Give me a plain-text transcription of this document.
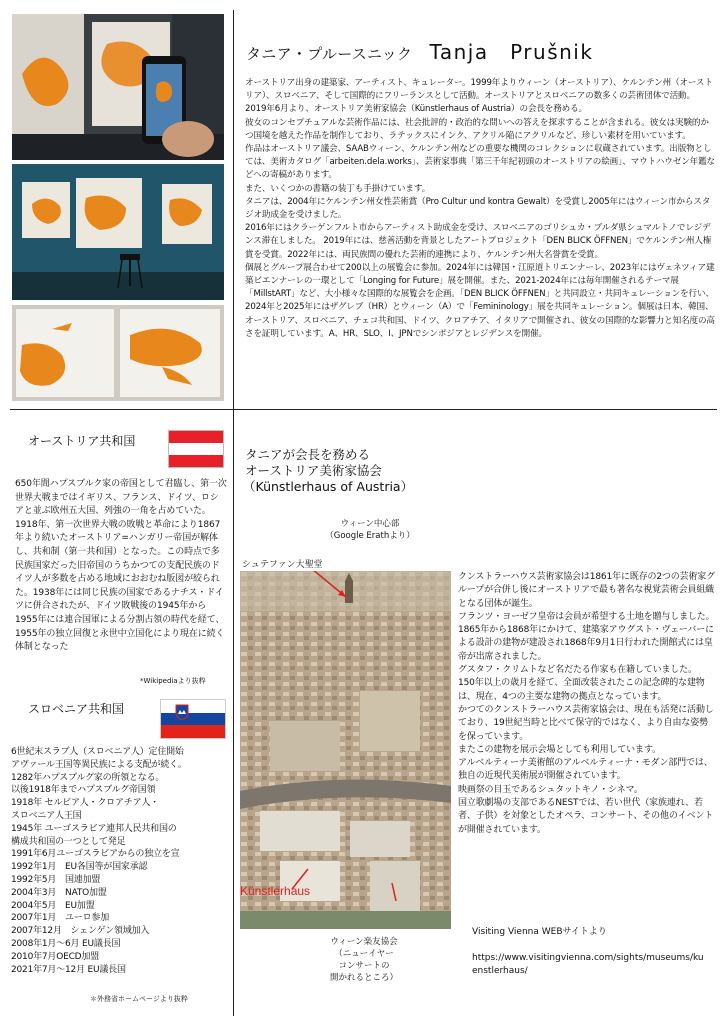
タニア・プルースニック Tanja　Prušnik

オーストリア出身の建築家、アーティスト、キュレーター。1999年よりウィーン（オーストリア）、ケルンテン州（オーストリア）、スロベニア、そして国際的にフリーランスとして活動。オーストリアとスロベニアの数多くの芸術団体で活動。2019年6月より、オーストリア美術家協会（Künstlerhaus of Austria）の会長を務める。

彼女のコンセプチュアルな芸術作品には、社会批評的・政治的な問いへの答えを探求することが含まれる。彼女は実験的かつ国境を越えた作品を制作しており、ラテックスにインク、アクリル陥にアクリルなど、珍しい素材を用いています。

作品はオーストリア議会、SAABウィーン、ケルンテン州などの重要な機関のコレクションに収蔵されています。出版物としては、美術カタログ「arbeiten.dela.works」、芸術家事典「第三千年紀初頭のオーストリアの絵画」、マウトハウゼン年鑑などへの寄稿があります。

また、いくつかの書籍の装丁も手掛けています。

タニアは、2004年にケルンテン州女性芸術賞（Pro Cultur und kontra Gewalt）を受賞し2005年にはウィーン市からスタジオ助成金を受けました。

2016年にはクラーゲンフルト市からアーティスト助成金を受け、スロベニアのゴリシュカ・ブルダ県シュマルトノでレジデンス滞在しました。 2019年には、慈善活動を背景としたアートプロジェクト「DEN BLICK ÖFFNEN」でケルンテン州人権賞を受賞。2022年には、両民族間の優れた芸術的連携により、ケルンテン州大名誉賞を受賞。

個展とグループ展合わせて200以上の展覧会に参加。2024年には韓国・江原道トリエンナーレ、2023年にはヴェネツィア建築ビエンナーレの一環として「Longing for Future」展を開催。また、2021-2024年には毎年開催されるテーマ展「MillstART」など、大小様々な国際的な展覧会を企画。「DEN BLICK ÖFFNEN」と共同設立・共同キュレーションを行い、2024年と2025年にはザグレブ（HR）とウィーン（A）で「Femininology」展を共同キュレーション。個展は日本、韓国、オーストリア、スロベニア、チェコ共和国、ドイツ、クロアチア、イタリアで開催され、彼女の国際的な影響力と知名度の高さを証明しています。A、HR、SLO、I、JPNでシンポジアとレジデンスを開催。

オーストリア共和国

650年間ハプスブルク家の帝国として君臨し、第一次世界大戦まではイギリス、フランス、ドイツ、ロシアと並ぶ欧州五大国、列強の一角を占めていた。1918年、第一次世界大戦の敗戦と革命により1867年より続いたオーストリア=ハンガリー帝国が解体し、共和制（第一共和国）となった。この時点で多民族国家だった旧帝国のうちかつての支配民族のドイツ人が多数を占める地域におおむね版図が絞られた。1938年には同じ民族の国家であるナチス・ドイツに併合されたが、ドイツ敗戦後の1945年から1955年には連合国軍による分割占領の時代を経て、1955年の独立回復と永世中立国化により現在に続く体制となった

*Wikipediaより抜粋
スロベニア共和国
6世紀末スラブ人（スロベニア人）定住開始
アヴァール王国等異民族による支配が続く。
1282年ハプスブルグ家の所領となる。
以後1918年までハプスブルグ帝国領
1918年 セルビア人・クロアチア人・
スロベニア人王国
1945年 ユーゴスラビア連邦人民共和国の
構成共和国の一つとして発足
1991年6月ユーゴスラビアからの独立を宣
1992年1月　EU各国等が国家承認
1992年5月　国連加盟
2004年3月　NATO加盟
2004年5月　EU加盟
2007年1月　ユーロ参加
2007年12月　シェンゲン領域加入
2008年1月～6月 EU議長国
2010年7月OECD加盟
2021年7月～12月 EU議長国
＊外務省ホームページより抜粋
タニアが会長を務める
オーストリア美術家協会
（Künstlerhaus of Austria）
ウィーン中心部
（Google Erathより）
シュテファン大聖堂
Künstlerhaus
ウィーン楽友協会
（ニューイヤー
コンサートの
開かれるところ）

クンストラーハウス芸術家協会は1861年に既存の2つの芸術家グループが合併し後にオーストリアで最も著名な視覚芸術会員組織となる団体が誕生。

フランツ・ヨーゼフ皇帝は会員が希望する土地を贈与しました。1865年から1868年にかけて、建築家アウグスト・ヴェーバーによる設計の建物が建設され1868年9月1日行われた開館式には皇帝が出席されました。

グスタフ・クリムトなど名だたる作家も在籍していました。

150年以上の歳月を経て、全面改装されたこの記念碑的な建物は、現在、4つの主要な建物の拠点となっています。

かつてのクンストラーハウス芸術家協会は、現在も活発に活動しており、19世紀当時と比べて保守的ではなく、より自由な姿勢を保っています。

またこの建物を展示会場としても利用しています。

アルベルティーナ美術館のアルベルティーナ・モダン部門では、独自の近現代美術展が開催されています。

映画祭の目玉であるシュタットキノ・シネマ。

国立歌劇場の支部であるNESTでは、若い世代（家族連れ、若者、子供）を対象としたオペラ、コンサート、その他のイベントが開催されています。

Visiting Vienna WEBサイトより
https://www.visitingvienna.com/sights/museums/kuenstlerhaus/
